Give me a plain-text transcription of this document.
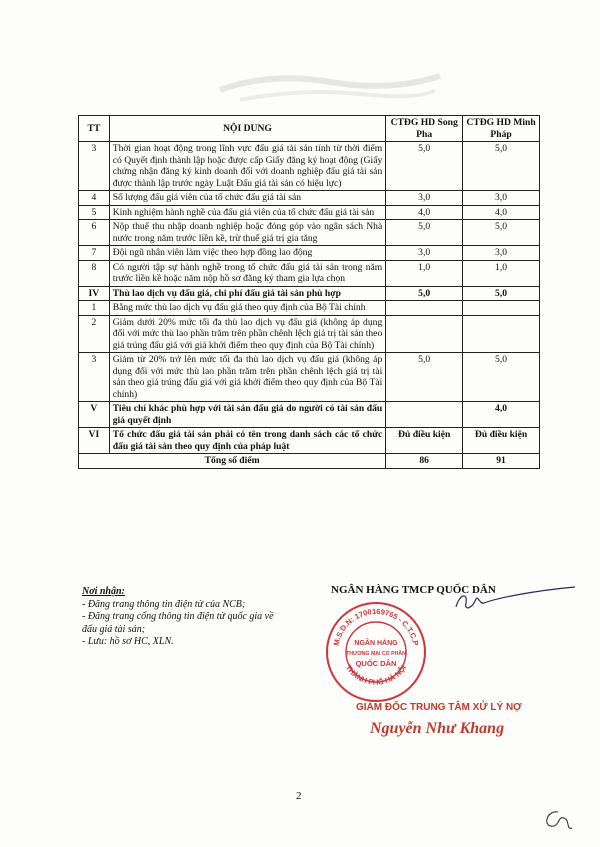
TT	NỘI DUNG	CTĐG HD Song Pha	CTĐG HD Minh Pháp
3	Thời gian hoạt động trong lĩnh vực đấu giá tài sản tính từ thời điểm có Quyết định thành lập hoặc được cấp Giấy đăng ký hoạt động (Giấy chứng nhận đăng ký kinh doanh đối với doanh nghiệp đấu giá tài sản được thành lập trước ngày Luật Đấu giá tài sản có hiệu lực)	5,0	5,0
4	Số lượng đấu giá viên của tổ chức đấu giá tài sản	3,0	3,0
5	Kinh nghiệm hành nghề của đấu giá viên của tổ chức đấu giá tài sản	4,0	4,0
6	Nộp thuế thu nhập doanh nghiệp hoặc đóng góp vào ngân sách Nhà nước trong năm trước liền kề, trừ thuế giá trị gia tăng	5,0	5,0
7	Đội ngũ nhân viên làm việc theo hợp đồng lao động	3,0	3,0
8	Có người tập sự hành nghề trong tổ chức đấu giá tài sản trong năm trước liền kề hoặc năm nộp hồ sơ đăng ký tham gia lựa chọn	1,0	1,0
IV	Thù lao dịch vụ đấu giá, chi phí đấu giá tài sản phù hợp	5,0	5,0
1	Bằng mức thù lao dịch vụ đấu giá theo quy định của Bộ Tài chính		
2	Giảm dưới 20% mức tối đa thù lao dịch vụ đấu giá (không áp dụng đối với mức thù lao phần trăm trên phần chênh lệch giá trị tài sản theo giá trúng đấu giá với giá khởi điểm theo quy định của Bộ Tài chính)		
3	Giảm từ 20% trở lên mức tối đa thù lao dịch vụ đấu giá (không áp dụng đối với mức thù lao phần trăm trên phần chênh lệch giá trị tài sản theo giá trúng đấu giá với giá khởi điểm theo quy định của Bộ Tài chính)	5,0	5,0
V	Tiêu chí khác phù hợp với tài sản đấu giá do người có tài sản đấu giá quyết định		4,0
VI	Tổ chức đấu giá tài sản phải có tên trong danh sách các tổ chức đấu giá tài sản theo quy định của pháp luật	Đủ điều kiện	Đủ điều kiện
Tổng số điểm		86	91
Nơi nhận:
- Đăng trang thông tin điện tử của NCB;
- Đăng trang cổng thông tin điện tử quốc gia về đấu giá tài sản;
- Lưu: hồ sơ HC, XLN.
NGÂN HÀNG TMCP QUỐC DÂN
M.S.D.N: 1700169765 - C.T.C.P
THÀNH PHỐ HÀ NỘI
NGÂN HÀNG
THƯƠNG MẠI CỔ PHẦN
QUỐC DÂN
GIÁM ĐỐC TRUNG TÂM XỬ LÝ NỢ
Nguyễn Như Khang
2
